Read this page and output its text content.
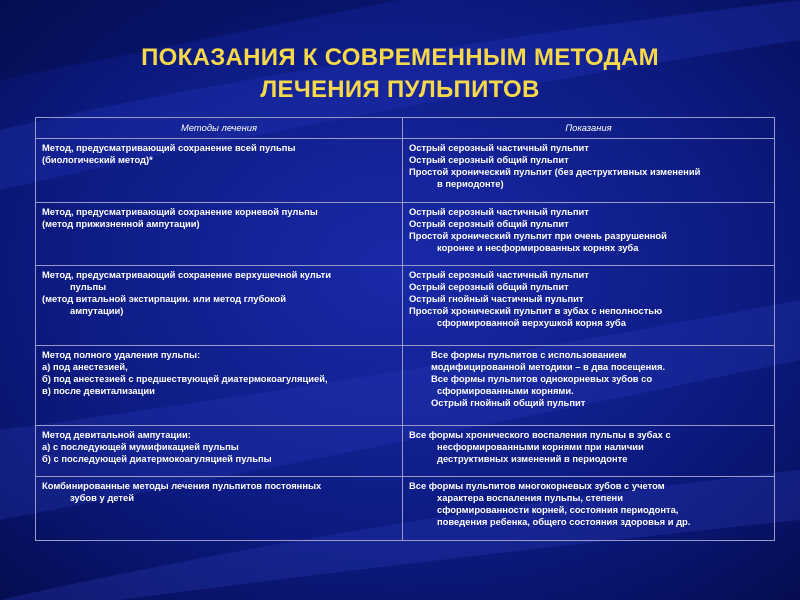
ПОКАЗАНИЯ К СОВРЕМЕННЫМ МЕТОДАМ
ЛЕЧЕНИЯ ПУЛЬПИТОВ
Методы лечения	Показания

Метод, предусматривающий сохранение всей пульпы
(биологический метод)*	Острый серозный частичный пульпит
Острый серозный общий пульпит
Простой хронический пульпит (без деструктивных изменений
в периодонте)

Метод, предусматривающий сохранение корневой пульпы
(метод прижизненной ампутации)	Острый серозный частичный пульпит
Острый серозный общий пульпит
Простой хронический пульпит при очень разрушенной
коронке и несформированных корнях зуба

Метод, предусматривающий сохранение верхушечной культи
пульпы
(метод витальной экстирпации. или метод глубокой
ампутации)	Острый серозный частичный пульпит
Острый серозный общий пульпит
Острый гнойный частичный пульпит
Простой хронический пульпит в зубах с неполностью
сформированной верхушкой корня зуба

Метод полного удаления пульпы:
а) под анестезией,
б) под анестезией с предшествующей диатермокоагуляцией,
в) после девитализации	Все формы пульпитов с использованием
модифицированной методики – в два посещения.
Все формы пульпитов однокорневых зубов со
сформированными корнями.
Острый гнойный общий пульпит

Метод девитальной ампутации:
а) с последующей мумификацией пульпы
б) с последующей диатермокоагуляцией пульпы	Все формы хронического воспаления пульпы в зубах с
несформированными корнями при наличии
деструктивных изменений в периодонте

Комбинированные методы лечения пульпитов постоянных
зубов у детей	Все формы пульпитов многокорневых зубов с учетом
характера воспаления пульпы, степени
сформированности корней, состояния периодонта,
поведения ребенка, общего состояния здоровья и др.
